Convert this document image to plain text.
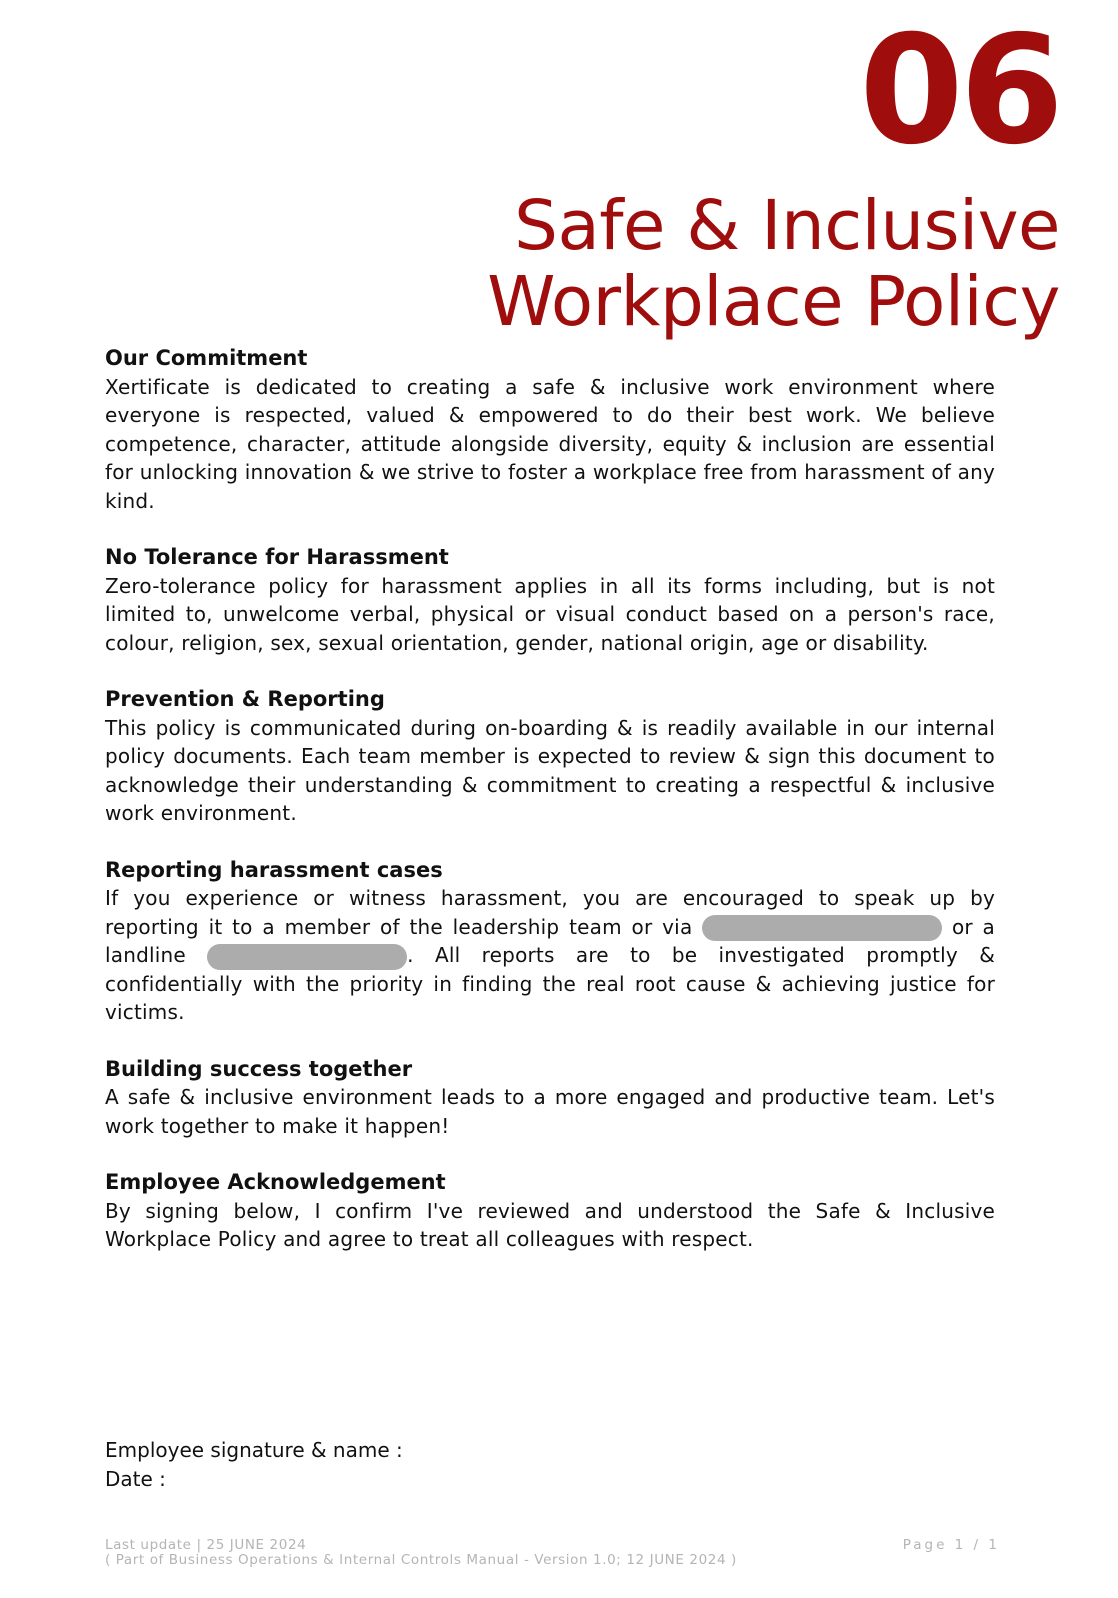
06
Safe & Inclusive
Workplace Policy

Our Commitment

Xertificate is dedicated to creating a safe & inclusive work environment where everyone is respected, valued & empowered to do their best work. We believe competence, character, attitude alongside diversity, equity & inclusion are essential for unlocking innovation & we strive to foster a workplace free from harassment of any kind.

No Tolerance for Harassment

Zero-tolerance policy for harassment applies in all its forms including, but is not limited to, unwelcome verbal, physical or visual conduct based on a person's race, colour, religion, sex, sexual orientation, gender, national origin, age or disability.

Prevention & Reporting

This policy is communicated during on-boarding & is readily available in our internal policy documents. Each team member is expected to review & sign this document to acknowledge their understanding & commitment to creating a respectful & inclusive work environment.

Reporting harassment cases

If you experience or witness harassment, you are encouraged to speak up by reporting it to a member of the leadership team or via	or a landline	. All reports are to be investigated promptly & confidentially with the priority in finding the real root cause & achieving justice for victims.

Building success together

A safe & inclusive environment leads to a more engaged and productive team. Let's work together to make it happen!

Employee Acknowledgement

By signing below, I confirm I've reviewed and understood the Safe & Inclusive Workplace Policy and agree to treat all colleagues with respect.

Employee signature & name :

Date :

Last update | 25 JUNE 2024

( Part of Business Operations & Internal Controls Manual - Version 1.0; 12 JUNE 2024 )

Page 1 / 1
